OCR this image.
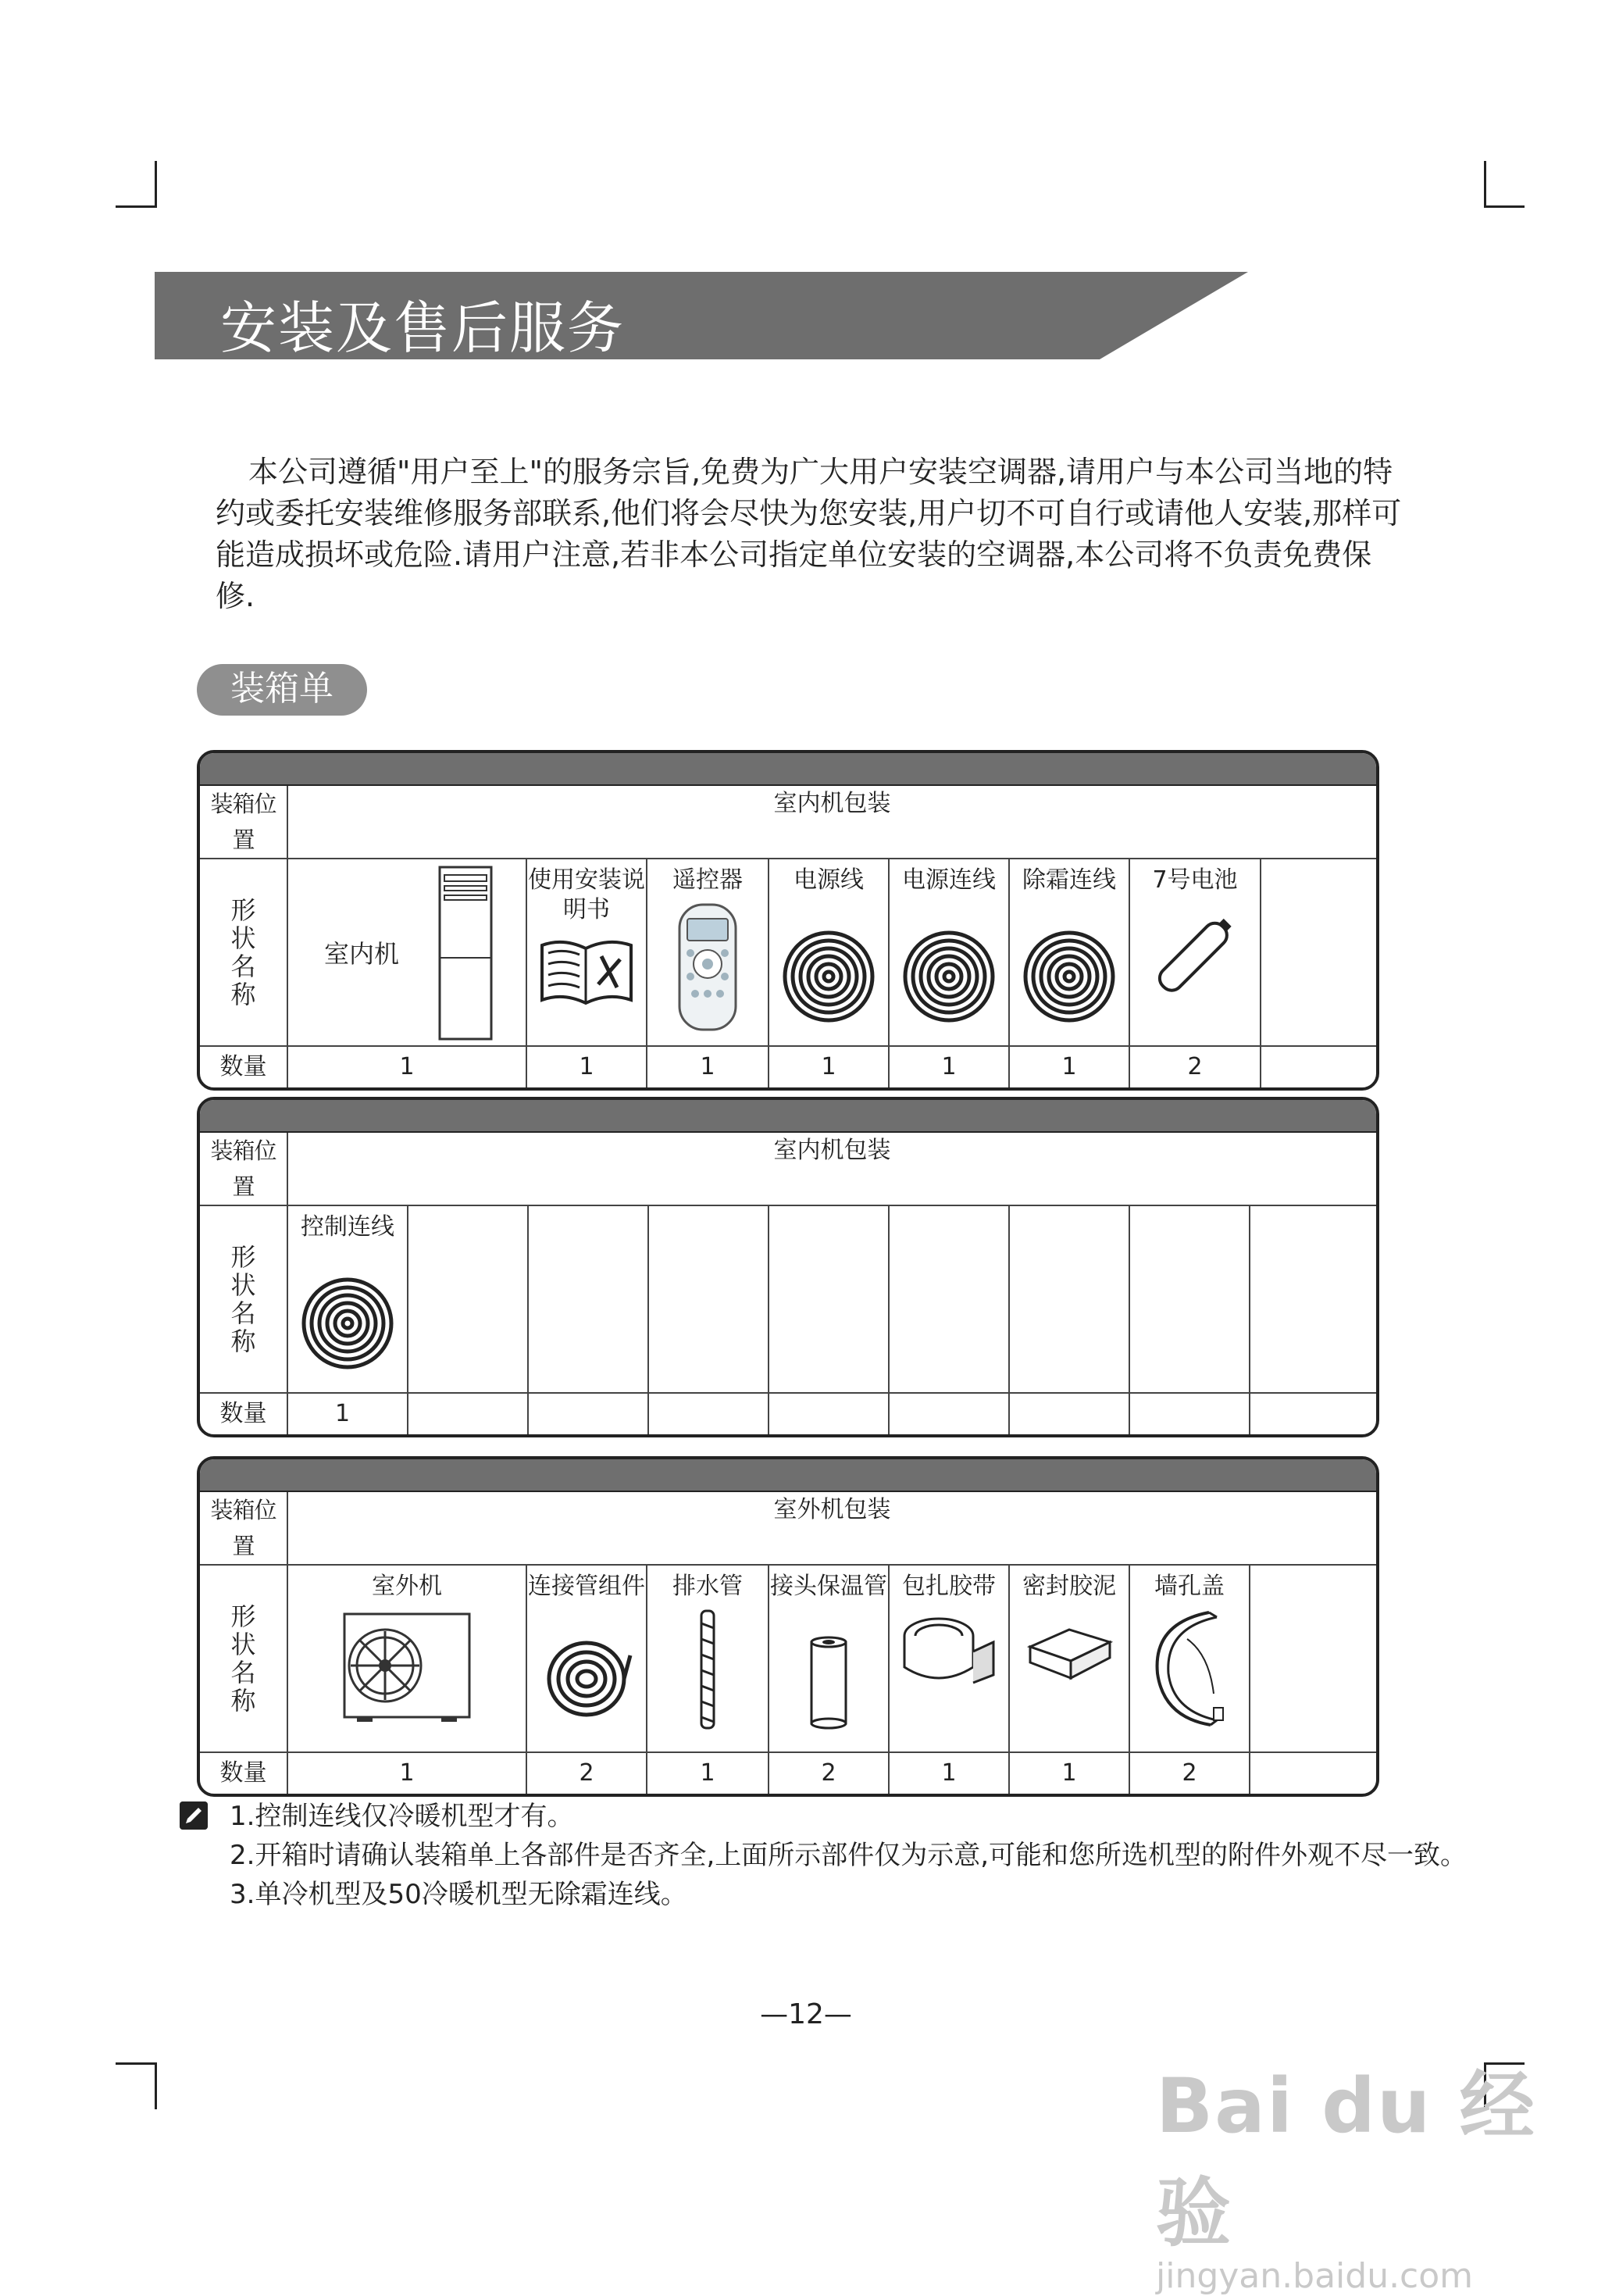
安装及售后服务

本公司遵循"用户至上"的服务宗旨,免费为广大用户安装空调器,请用户与本公司当地的特约或委托安装维修服务部联系,他们将会尽快为您安装,用户切不可自行或请他人安装,那样可能造成损坏或危险.请用户注意,若非本公司指定单位安装的空调器,本公司将不负责免费保修.

装箱单
装箱位置	室内机包装							

形状名称	室内机	使用安装说明书	遥控器	电源线	电源连线	除霜连线	7号电池	

数量	1	1	1	1	1	1	2	
装箱位置	室内机包装								

形状名称	控制连线								

数量	1								
装箱位置	室外机包装							

形状名称	室外机	连接管组件	排水管	接头保温管	包扎胶带	密封胶泥	墙孔盖	

数量	1	2	1	2	1	1	2	
1.控制连线仅冷暖机型才有。
2.开箱时请确认装箱单上各部件是否齐全,上面所示部件仅为示意,可能和您所选机型的附件外观不尽一致。
3.单冷机型及50冷暖机型无除霜连线。
—12—
Bai du 经验
jingyan.baidu.com
